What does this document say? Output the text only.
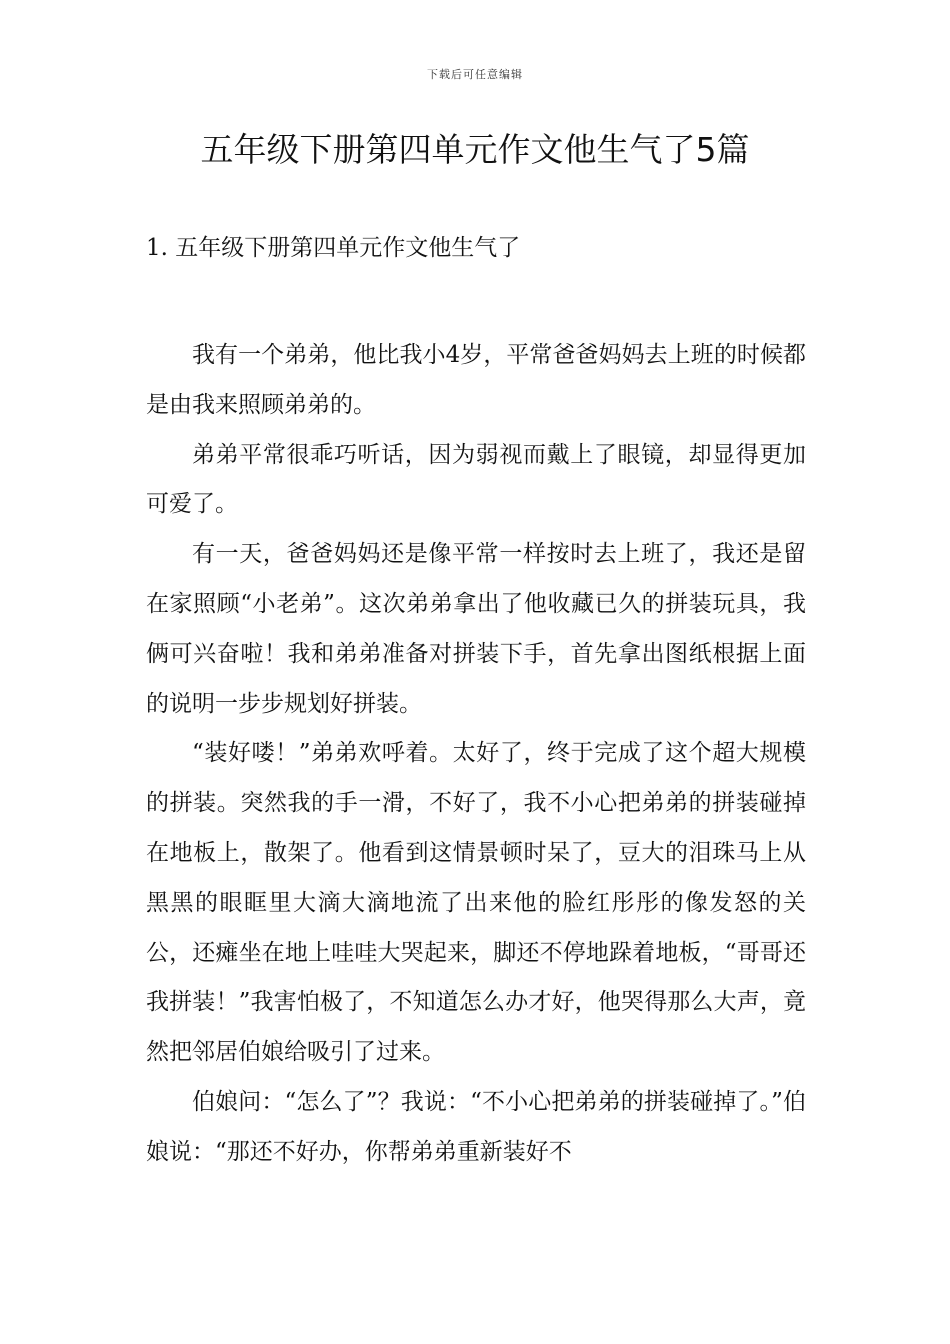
下载后可任意编辑
五年级下册第四单元作文他生气了5篇
1. 五年级下册第四单元作文他生气了

我有一个弟弟，他比我小4岁，平常爸爸妈妈去上班的时候都是由我来照顾弟弟的。

弟弟平常很乖巧听话，因为弱视而戴上了眼镜，却显得更加可爱了。

有一天，爸爸妈妈还是像平常一样按时去上班了，我还是留在家照顾“小老弟”。这次弟弟拿出了他收藏已久的拼装玩具，我俩可兴奋啦！我和弟弟准备对拼装下手，首先拿出图纸根据上面的说明一步步规划好拼装。

“装好喽！”弟弟欢呼着。太好了，终于完成了这个超大规模的拼装。突然我的手一滑，不好了，我不小心把弟弟的拼装碰掉在地板上，散架了。他看到这情景顿时呆了，豆大的泪珠马上从黑黑的眼眶里大滴大滴地流了出来他的脸红彤彤的像发怒的关公，还瘫坐在地上哇哇大哭起来，脚还不停地跺着地板，“哥哥还我拼装！”我害怕极了，不知道怎么办才好，他哭得那么大声，竟然把邻居伯娘给吸引了过来。

伯娘问：“怎么了”？我说：“不小心把弟弟的拼装碰掉了。”伯娘说：“那还不好办，你帮弟弟重新装好不
